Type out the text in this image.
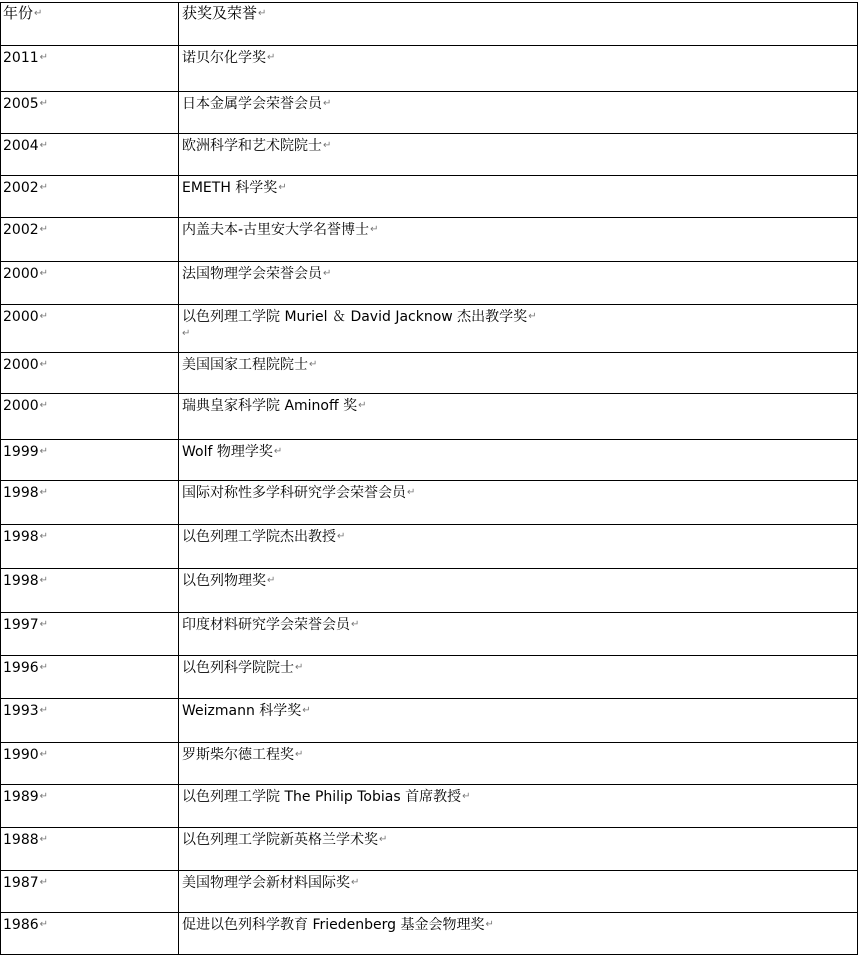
年份↵	获奖及荣誉↵

2011↵	诺贝尔化学奖↵

2005↵	日本金属学会荣誉会员↵

2004↵	欧洲科学和艺术院院士↵

2002↵	EMETH 科学奖↵

2002↵	内盖夫本-古里安大学名誉博士↵

2000↵	法国物理学会荣誉会员↵

2000↵	以色列理工学院 Muriel ＆ David Jacknow 杰出教学奖↵
↵

2000↵	美国国家工程院院士↵

2000↵	瑞典皇家科学院 Aminoff 奖↵

1999↵	Wolf 物理学奖↵

1998↵	国际对称性多学科研究学会荣誉会员↵

1998↵	以色列理工学院杰出教授↵

1998↵	以色列物理奖↵

1997↵	印度材料研究学会荣誉会员↵

1996↵	以色列科学院院士↵

1993↵	Weizmann 科学奖↵

1990↵	罗斯柴尔德工程奖↵

1989↵	以色列理工学院 The Philip Tobias 首席教授↵

1988↵	以色列理工学院新英格兰学术奖↵

1987↵	美国物理学会新材料国际奖↵

1986↵	促进以色列科学教育 Friedenberg 基金会物理奖↵
